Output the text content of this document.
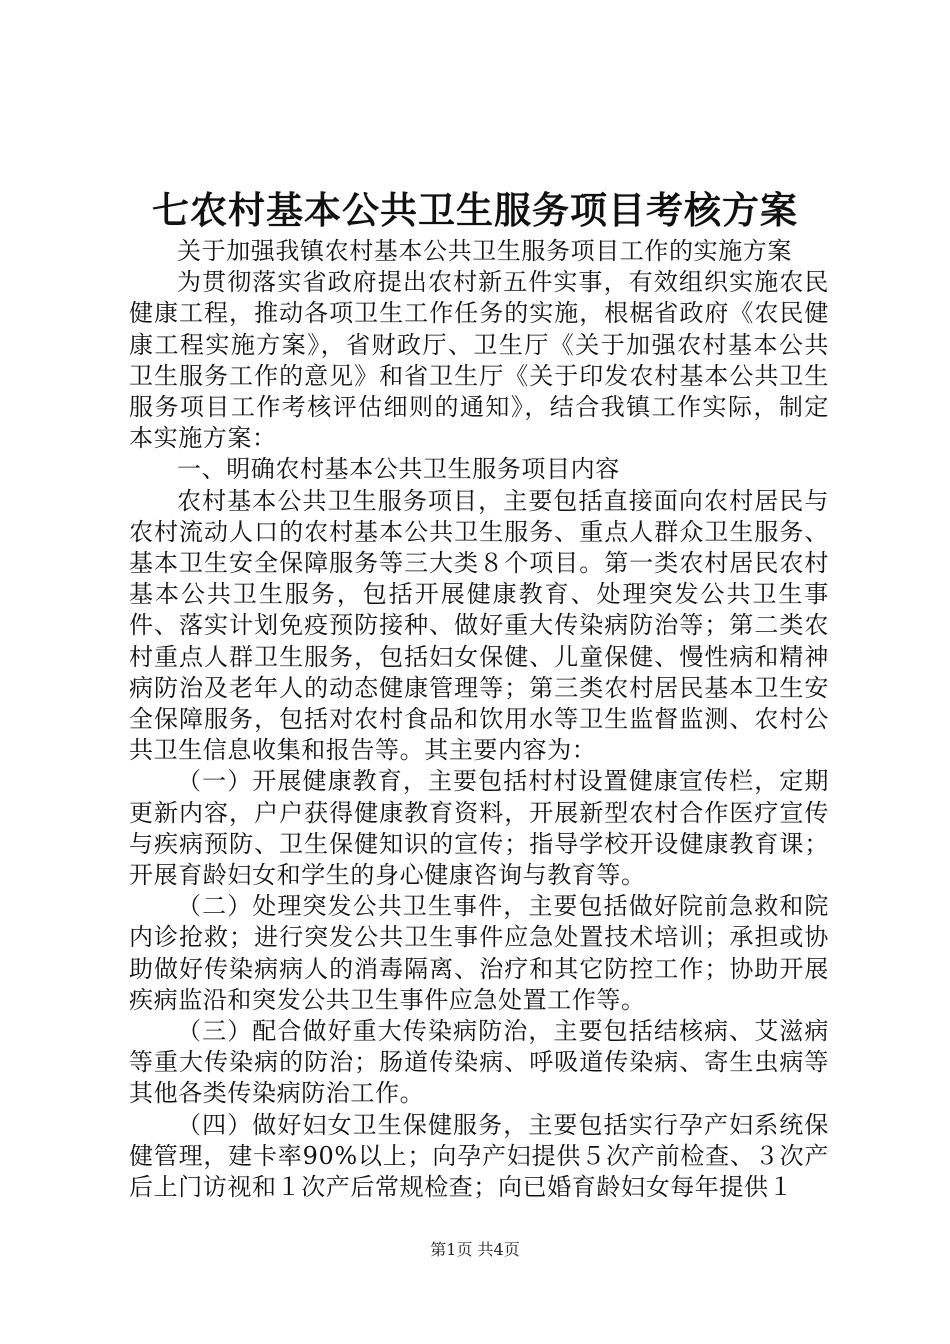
七农村基本公共卫生服务项目考核方案

关于加强我镇农村基本公共卫生服务项目工作的实施方案

为贯彻落实省政府提出农村新五件实事，有效组织实施农民健康工程，推动各项卫生工作任务的实施，根椐省政府《农民健康工程实施方案》，省财政厅、卫生厅《关于加强农村基本公共卫生服务工作的意见》和省卫生厅《关于印发农村基本公共卫生服务项目工作考核评估细则的通知》，结合我镇工作实际，制定本实施方案：

一、明确农村基本公共卫生服务项目内容

农村基本公共卫生服务项目，主要包括直接面向农村居民与农村流动人口的农村基本公共卫生服务、重点人群众卫生服务、基本卫生安全保障服务等三大类８个项目。第一类农村居民农村基本公共卫生服务，包括开展健康教育、处理突发公共卫生事件、落实计划免疫预防接种、做好重大传染病防治等；第二类农村重点人群卫生服务，包括妇女保健、儿童保健、慢性病和精神病防治及老年人的动态健康管理等；第三类农村居民基本卫生安全保障服务，包括对农村食品和饮用水等卫生监督监测、农村公共卫生信息收集和报告等。其主要内容为：

（一）开展健康教育，主要包括村村设置健康宣传栏，定期更新内容，户户获得健康教育资料，开展新型农村合作医疗宣传与疾病预防、卫生保健知识的宣传；指导学校开设健康教育课；开展育龄妇女和学生的身心健康咨询与教育等。

（二）处理突发公共卫生事件，主要包括做好院前急救和院内诊抢救；进行突发公共卫生事件应急处置技术培训；承担或协助做好传染病病人的消毒隔离、治疗和其它防控工作；协助开展疾病监沿和突发公共卫生事件应急处置工作等。

（三）配合做好重大传染病防治，主要包括结核病、艾滋病等重大传染病的防治；肠道传染病、呼吸道传染病、寄生虫病等其他各类传染病防治工作。

（四）做好妇女卫生保健服务，主要包括实行孕产妇系统保健管理，建卡率90%以上；向孕产妇提供５次产前检查、３次产后上门访视和１次产后常规检查；向已婚育龄妇女每年提供１

第1页 共4页
